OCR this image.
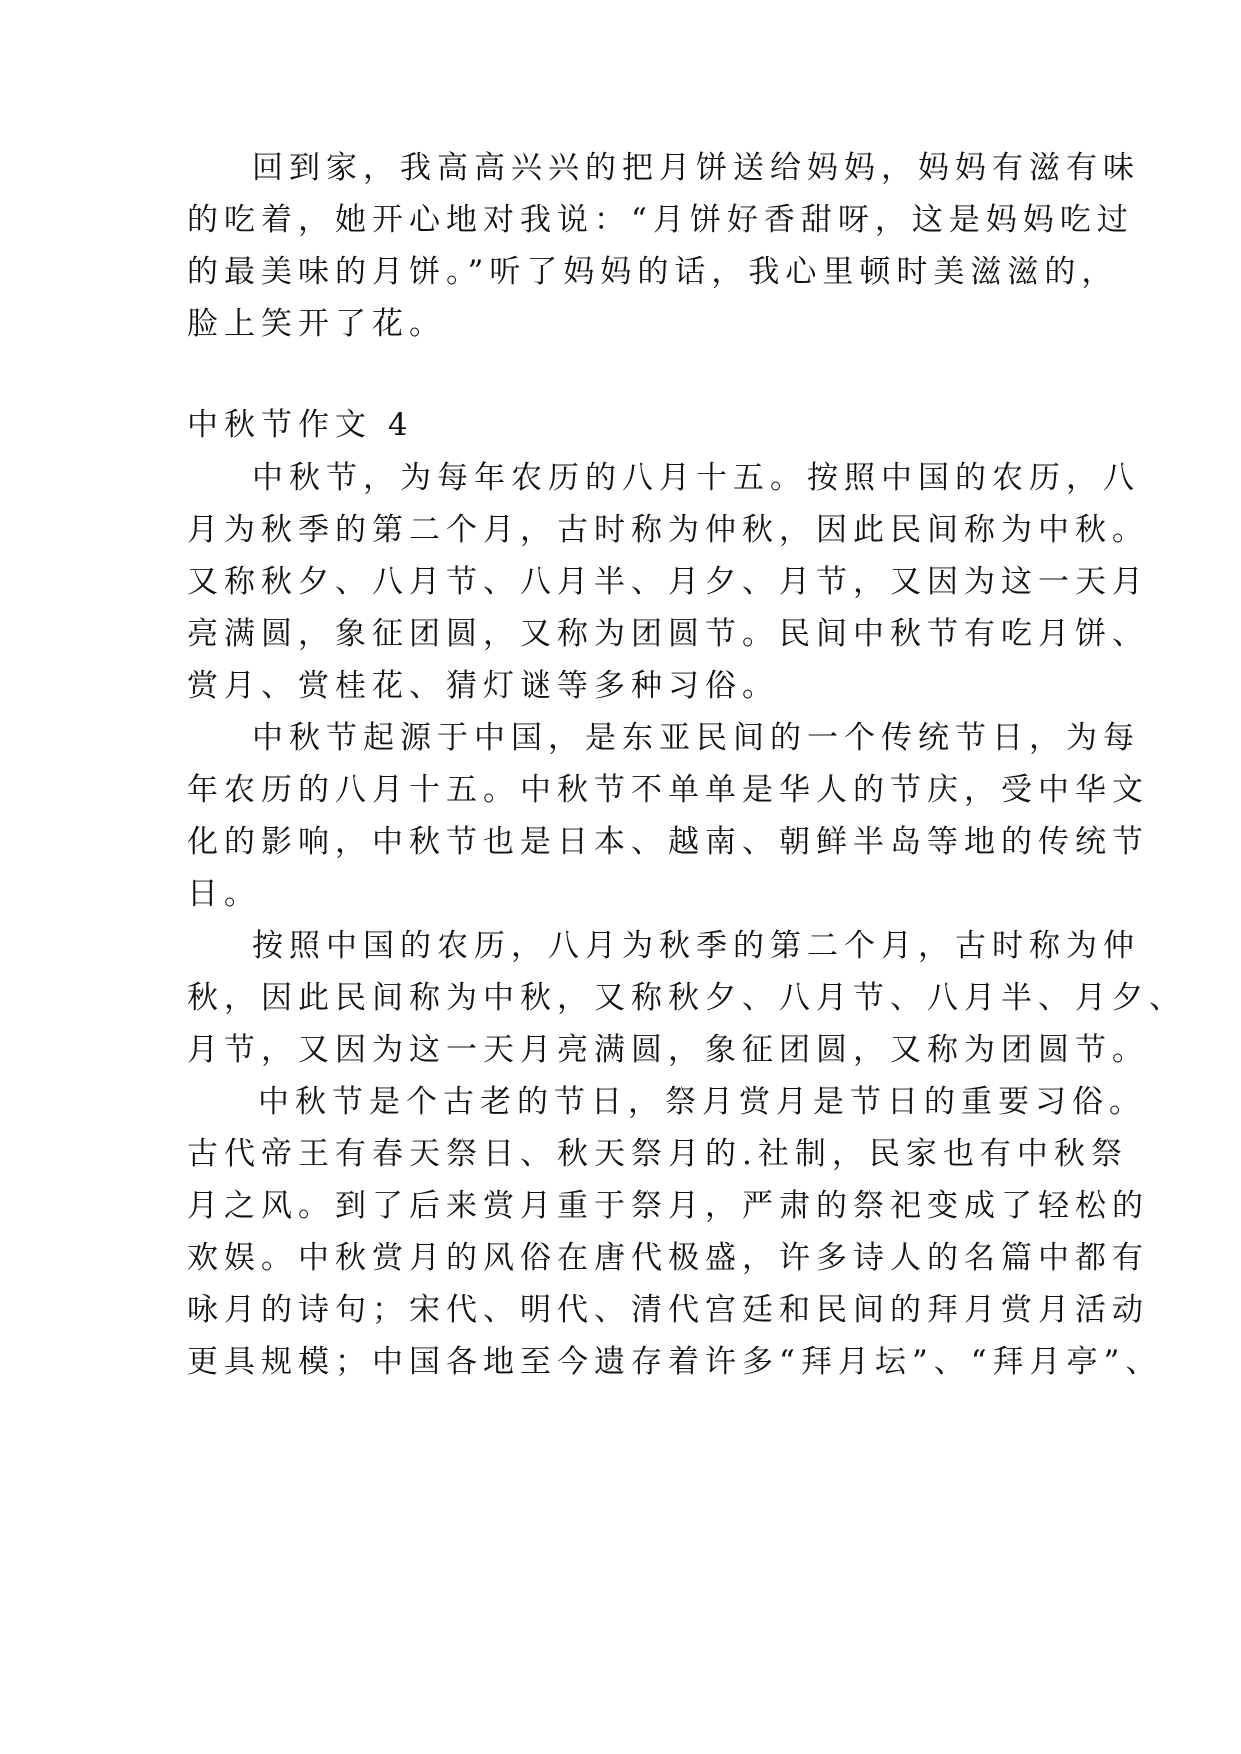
回到家，我高高兴兴的把月饼送给妈妈，妈妈有滋有味
的吃着，她开心地对我说：“月饼好香甜呀，这是妈妈吃过
的最美味的月饼。”听了妈妈的话，我心里顿时美滋滋的，
脸上笑开了花。
中秋节作文 4
中秋节，为每年农历的八月十五。按照中国的农历，八
月为秋季的第二个月，古时称为仲秋，因此民间称为中秋。
又称秋夕、八月节、八月半、月夕、月节，又因为这一天月
亮满圆，象征团圆，又称为团圆节。民间中秋节有吃月饼、
赏月、赏桂花、猜灯谜等多种习俗。
中秋节起源于中国，是东亚民间的一个传统节日，为每
年农历的八月十五。中秋节不单单是华人的节庆，受中华文
化的影响，中秋节也是日本、越南、朝鲜半岛等地的传统节
日。
按照中国的农历，八月为秋季的第二个月，古时称为仲
秋，因此民间称为中秋，又称秋夕、八月节、八月半、月夕、
月节，又因为这一天月亮满圆，象征团圆，又称为团圆节。
中秋节是个古老的节日，祭月赏月是节日的重要习俗。
古代帝王有春天祭日、秋天祭月的.社制，民家也有中秋祭
月之风。到了后来赏月重于祭月，严肃的祭祀变成了轻松的
欢娱。中秋赏月的风俗在唐代极盛，许多诗人的名篇中都有
咏月的诗句；宋代、明代、清代宫廷和民间的拜月赏月活动
更具规模；中国各地至今遗存着许多“拜月坛”、“拜月亭”、
